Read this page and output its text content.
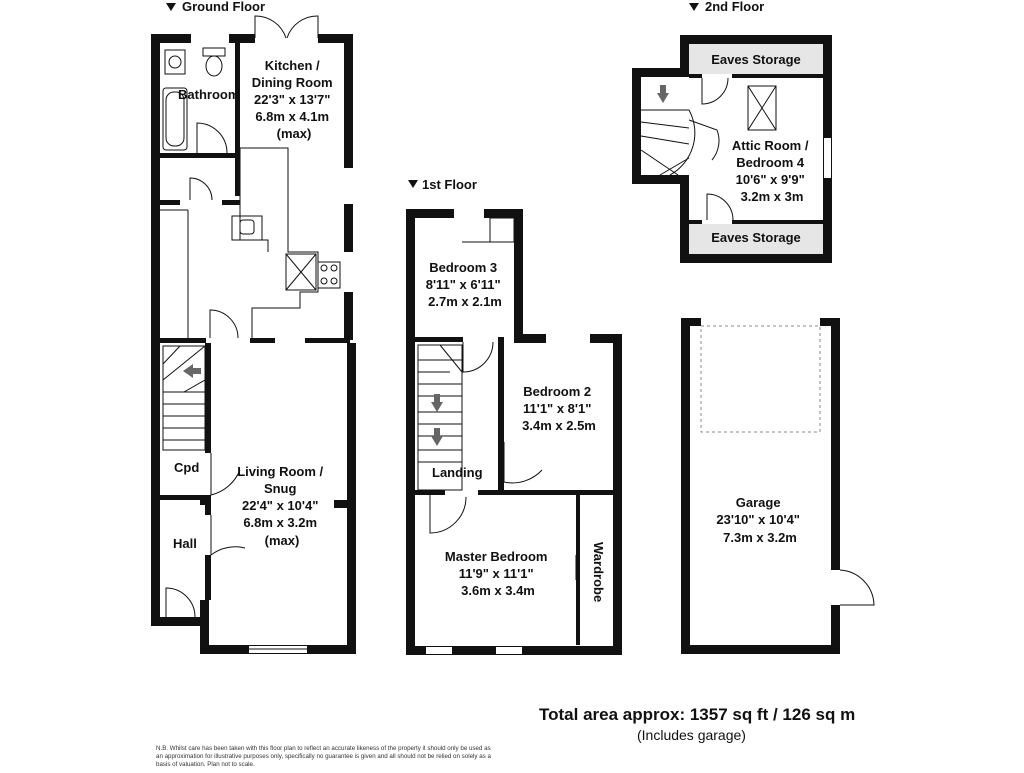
Ground Floor
1st Floor
2nd Floor
Kitchen / Dining Room 22'3" x 13'7" 6.8m x 4.1m (max)
Bathroom
Cpd
Hall
Living Room / Snug 22'4" x 10'4" 6.8m x 3.2m (max)
Bedroom 3 8'11" x 6'11" 2.7m x 2.1m
Bedroom 2 11'1" x 8'1" 3.4m x 2.5m
Landing
Master Bedroom 11'9" x 11'1" 3.6m x 3.4m	Wardrobe
Eaves Storage
Eaves Storage
Attic Room / Bedroom 4 10'6" x 9'9" 3.2m x 3m
Garage 23'10" x 10'4" 7.3m x 3.2m
Total area approx: 1357 sq ft / 126 sq m
(Includes garage)
N.B. Whilst care has been taken with this floor plan to reflect an accurate likeness of the property it should only be used as
an approximation for illustrative purposes only, specifically no guarantee is given and all should not be relied on solely as a
basis of valuation. Plan not to scale.
